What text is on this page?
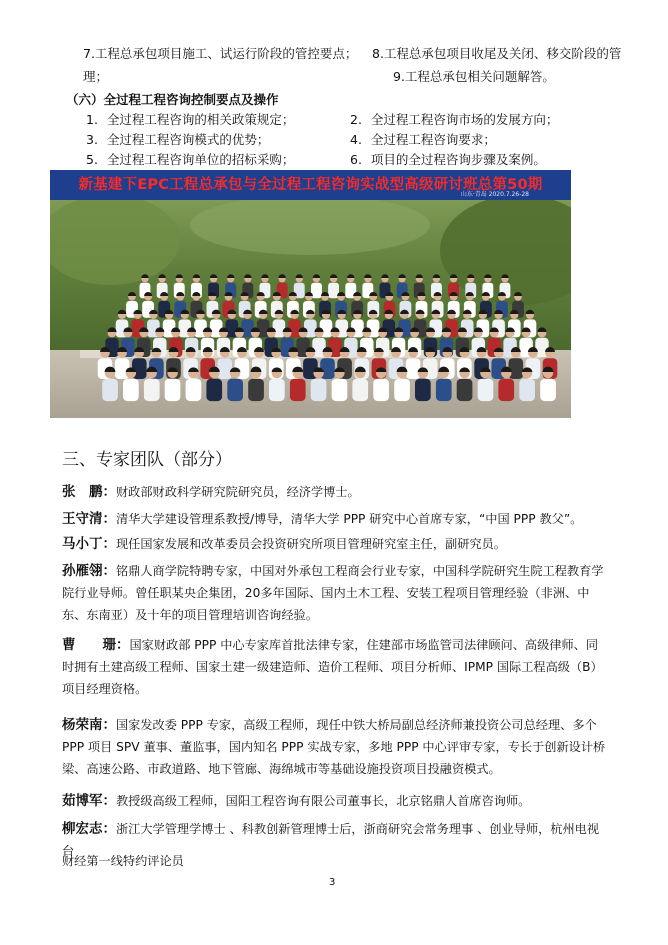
7.工程总承包项目施工、试运行阶段的管控要点； 8.工程总承包项目收尾及关闭、移交阶段的管
理；	9.工程总承包相关问题解答。
（六）全过程工程咨询控制要点及操作
1. 全过程工程咨询的相关政策规定；	2. 全过程工程咨询市场的发展方向；
3. 全过程工程咨询模式的优势；	4. 全过程工程咨询要求；
5. 全过程工程咨询单位的招标采购；	6. 项目的全过程咨询步骤及案例。
新基建下EPC工程总承包与全过程工程咨询实战型高级研讨班总第50期
山东·青岛 2020.7.26-28
三、专家团队（部分）
张　鹏：财政部财政科学研究院研究员，经济学博士。
王守清：清华大学建设管理系教授/博导，清华大学 PPP 研究中心首席专家，“中国 PPP 教父”。
马小丁：现任国家发展和改革委员会投资研究所项目管理研究室主任，副研究员。
孙雁翎：铭鼎人商学院特聘专家，中国对外承包工程商会行业专家，中国科学院研究生院工程教育学院行业导师。曾任职某央企集团，20多年国际、国内土木工程、安装工程项目管理经验（非洲、中东、东南亚）及十年的项目管理培训咨询经验。
曹　　珊：国家财政部 PPP 中心专家库首批法律专家，住建部市场监管司法律顾问、高级律师、同时拥有土建高级工程师、国家土建一级建造师、造价工程师、项目分析师、IPMP 国际工程高级（B）项目经理资格。
杨荣南：国家发改委 PPP 专家，高级工程师，现任中铁大桥局副总经济师兼投资公司总经理、多个 PPP 项目 SPV 董事、董监事，国内知名 PPP 实战专家，多地 PPP 中心评审专家，专长于创新设计桥梁、高速公路、市政道路、地下管廊、海绵城市等基础设施投资项目投融资模式。
茹博军：教授级高级工程师，国阳工程咨询有限公司董事长，北京铭鼎人首席咨询师。
柳宏志：浙江大学管理学博士 、科教创新管理博士后，浙商研究会常务理事 、创业导师，杭州电视台
财经第一线特约评论员
3
